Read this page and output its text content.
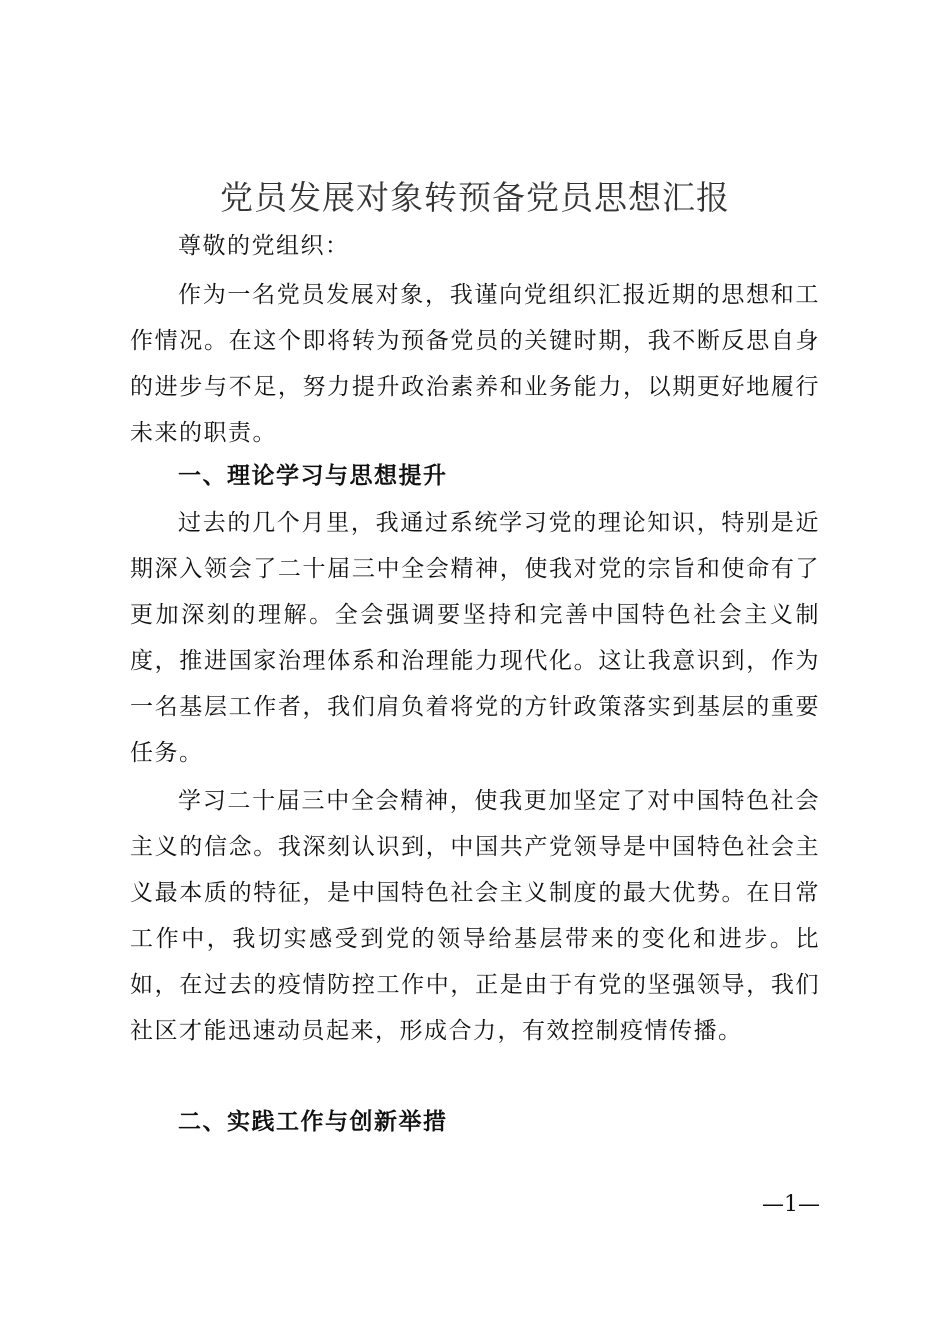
党员发展对象转预备党员思想汇报

尊敬的党组织：

作为一名党员发展对象，我谨向党组织汇报近期的思想和工作情况。在这个即将转为预备党员的关键时期，我不断反思自身的进步与不足，努力提升政治素养和业务能力，以期更好地履行未来的职责。

一、理论学习与思想提升

过去的几个月里，我通过系统学习党的理论知识，特别是近期深入领会了二十届三中全会精神，使我对党的宗旨和使命有了更加深刻的理解。全会强调要坚持和完善中国特色社会主义制度，推进国家治理体系和治理能力现代化。这让我意识到，作为一名基层工作者，我们肩负着将党的方针政策落实到基层的重要任务。

学习二十届三中全会精神，使我更加坚定了对中国特色社会主义的信念。我深刻认识到，中国共产党领导是中国特色社会主义最本质的特征，是中国特色社会主义制度的最大优势。在日常工作中，我切实感受到党的领导给基层带来的变化和进步。比如，在过去的疫情防控工作中，正是由于有党的坚强领导，我们社区才能迅速动员起来，形成合力，有效控制疫情传播。

二、实践工作与创新举措

—1—
